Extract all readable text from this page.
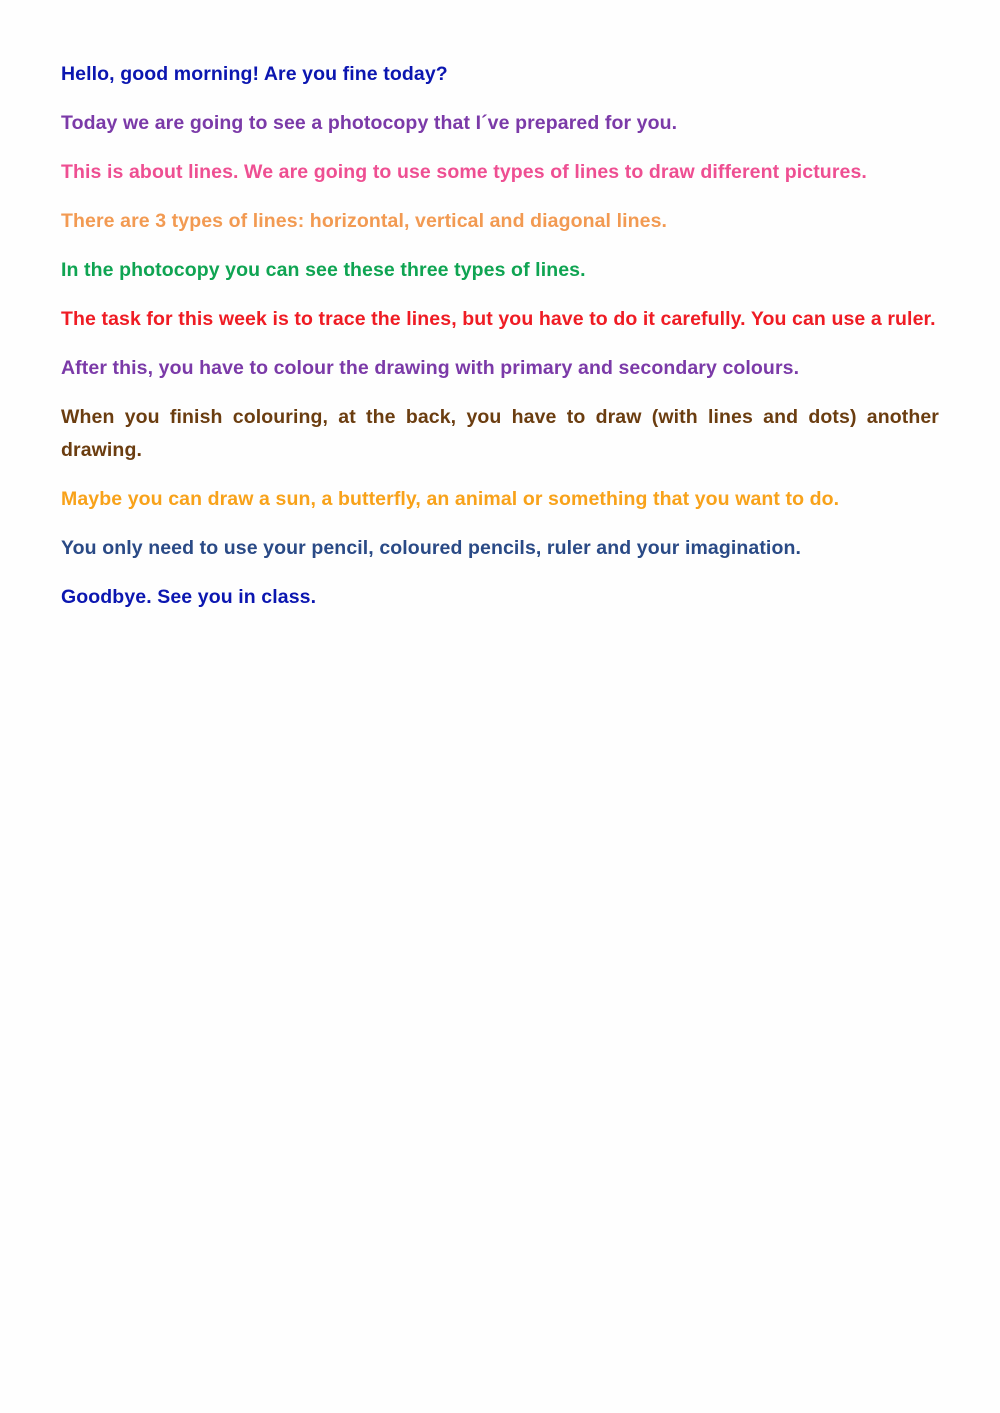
Hello, good morning! Are you fine today?

Today we are going to see a photocopy that I´ve prepared for you.

This is about lines. We are going to use some types of lines to draw different pictures.

There are 3 types of lines: horizontal, vertical and diagonal lines.

In the photocopy you can see these three types of lines.

The task for this week is to trace the lines, but you have to do it carefully. You can use a ruler.

After this, you have to colour the drawing with primary and secondary colours.

When you finish colouring, at the back, you have to draw (with lines and dots) another drawing.

Maybe you can draw a sun, a butterfly, an animal or something that you want to do.

You only need to use your pencil, coloured pencils, ruler and your imagination.

Goodbye. See you in class.
